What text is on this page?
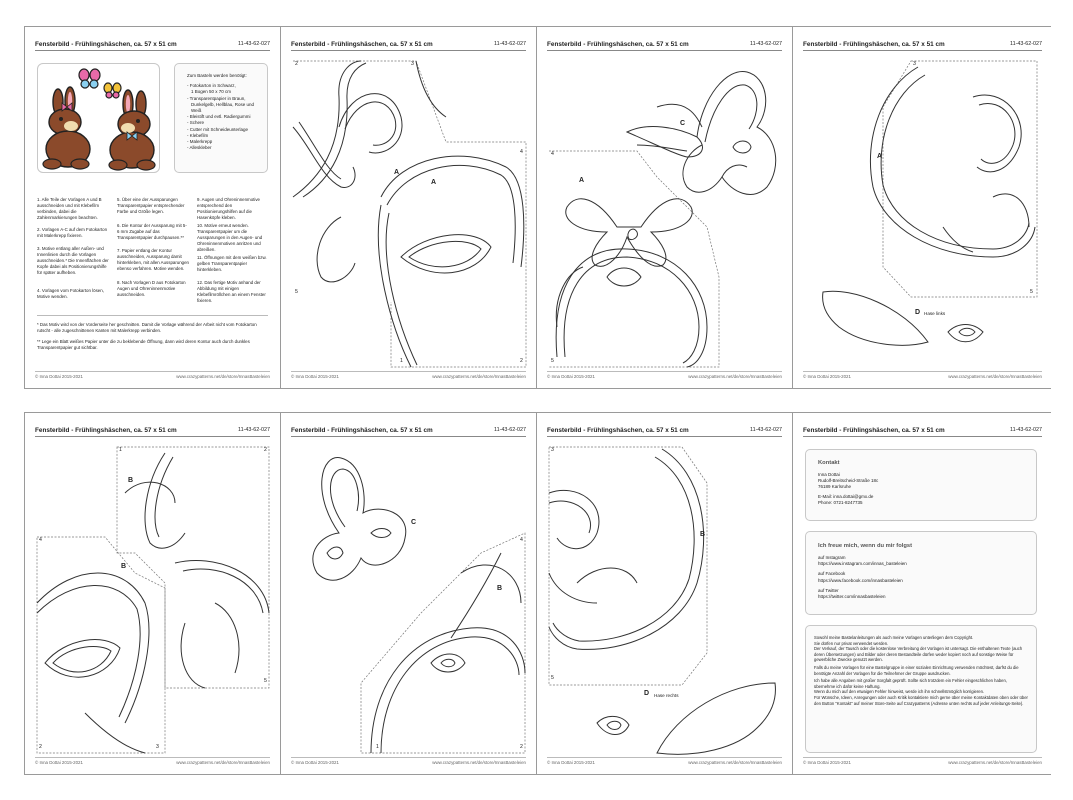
Fensterbild - Frühlingshäschen, ca. 57 x 51 cm	11-43-62-027
Zum Basteln werden benötigt:
- Fotokarton in Schwarz,
1 Bogen 50 x 70 cm
- Transparentpapier in Braun,
Dunkelgelb, Hellblau, Rose und
Weiß
- Bleistift und evtl. Radiergummi
- Schere
- Cutter mit Schneideunterlage
- Klebefilm
- Malerkrepp
- Alleskleber
1. Alle Teile der Vorlagen A und B ausschneiden und mit Klebefilm verbinden, dabei die Zahlenmarkierungen beachten.
2. Vorlagen A-C auf dem Fotokarton mit Malerkrepp fixieren.
3. Motive entlang aller Außen- und Innenlinien durch die Vorlagen ausschneiden.* Die Innenflächen der Kopfe dabei als Positionierungshilfe für später aufheben.
4. Vorlagen vom Fotokarton lösen, Motive wenden.
5. Über eine der Aussparungen Transparentpapier entsprechender Farbe und Größe legen.
6. Die Kontur der Aussparung mit 5-6 mm Zugabe auf das Transparentpapier durchpausen.**
7. Papier entlang der Kontur ausschneiden, Aussparung damit hinterkleben, mit allen Aussparungen ebenso verfahren. Motive wenden.
8. Nach Vorlagen D aus Fotokarton Augen und Ohreninnenmotive ausschneiden.
9. Augen und Ohreninnenmotive entsprechend den Positionierungshilfen auf die Hasenköpfe kleben.
10. Motive erneut wenden. Transparentpapier um die Aussparungen in den Augen- und Ohreninnenmotiven anritzen und abreißen.
11. Öffnungen mit dem weißen bzw. gelben Transparentpapier hinterkleben.
12. Das fertige Motiv anhand der Abbildung mit einigen Klebefilmröllchen an einem Fenster fixieren.
* Das Motiv wird von der Vorderseite her geschnitten. Damit die Vorlage während der Arbeit nicht vom Fotokarton rutscht - alle zugeschnittenen Kanten mit Malerkrepp verbinden.
** Lege ein Blatt weißes Papier unter die zu beklebende Öffnung, dann wird deren Kontur auch durch dunkles Transparentpapier gut sichtbar.
© Inna Dottai 2015-2021	www.crazypatterns.net/de/store/InnasBasteleien
Fensterbild - Frühlingshäschen, ca. 57 x 51 cm	11-43-62-027
2	3
4
5
1	2
A
A
© Inna Dottai 2015-2021	www.crazypatterns.net/de/store/InnasBasteleien
Fensterbild - Frühlingshäschen, ca. 57 x 51 cm	11-43-62-027
4
5
C
A
© Inna Dottai 2015-2021	www.crazypatterns.net/de/store/InnasBasteleien
Fensterbild - Frühlingshäschen, ca. 57 x 51 cm	11-43-62-027
3
5
A
D Hase links
© Inna Dottai 2015-2021	www.crazypatterns.net/de/store/InnasBasteleien
Fensterbild - Frühlingshäschen, ca. 57 x 51 cm	11-43-62-027
1	2
5
4
2	3
B
B
© Inna Dottai 2015-2021	www.crazypatterns.net/de/store/InnasBasteleien
Fensterbild - Frühlingshäschen, ca. 57 x 51 cm	11-43-62-027
1	2
4
C
B
© Inna Dottai 2015-2021	www.crazypatterns.net/de/store/InnasBasteleien
Fensterbild - Frühlingshäschen, ca. 57 x 51 cm	11-43-62-027
3
5
B
D Hase rechts
© Inna Dottai 2015-2021	www.crazypatterns.net/de/store/InnasBasteleien
Fensterbild - Frühlingshäschen, ca. 57 x 51 cm	11-43-62-027
Kontakt
Inna Dottai
Rudolf-Breitscheid-Straße 18c
76189 Karlsruhe
E-Mail: inna.dottai@gmx.de
Phone: 0721-8247735
Ich freue mich, wenn du mir folgst
auf Instagram
https://www.instagram.com/innas_basteleien
auf Facebook
https://www.facebook.com/innasbasteleien
auf Twitter
https://twitter.com/innasbasteleien
Sowohl meine Bastelanleitungen als auch meine Vorlagen unterliegen dem Copyright.
Sie dürfen nur privat verwendet werden.
Der Verkauf, der Tausch oder die kostenlose Verbreitung der Vorlagen ist untersagt. Die enthaltenen Texte (auch deren Übersetzungen) und Bilder oder deren Bestandteile dürfen weder kopiert noch auf sonstige Weise für gewerbliche Zwecke genutzt werden.
Falls du meine Vorlagen für eine Bastelgruppe in einer sozialen Einrichtung verwenden möchtest, darfst du die benötigte Anzahl der Vorlagen für die Teilnehmer der Gruppe ausdrucken.
Ich habe alle Angaben mit großer Sorgfalt geprüft. Sollte sich trotzdem ein Fehler eingeschlichen haben, übernehme ich dafür keine Haftung.
Wenn du mich auf den etwaigen Fehler hinweist, werde ich ihn schnellstmöglich korrigieren.
Für Wünsche, Ideen, Anregungen oder auch Kritik kontaktiere mich gerne über meine Kontaktdaten oben oder über den Button "Kontakt" auf meiner Store-Seite auf Crazypatterns (Adresse unten rechts auf jeder Anleitungs-Seite).
© Inna Dottai 2015-2021	www.crazypatterns.net/de/store/InnasBasteleien
